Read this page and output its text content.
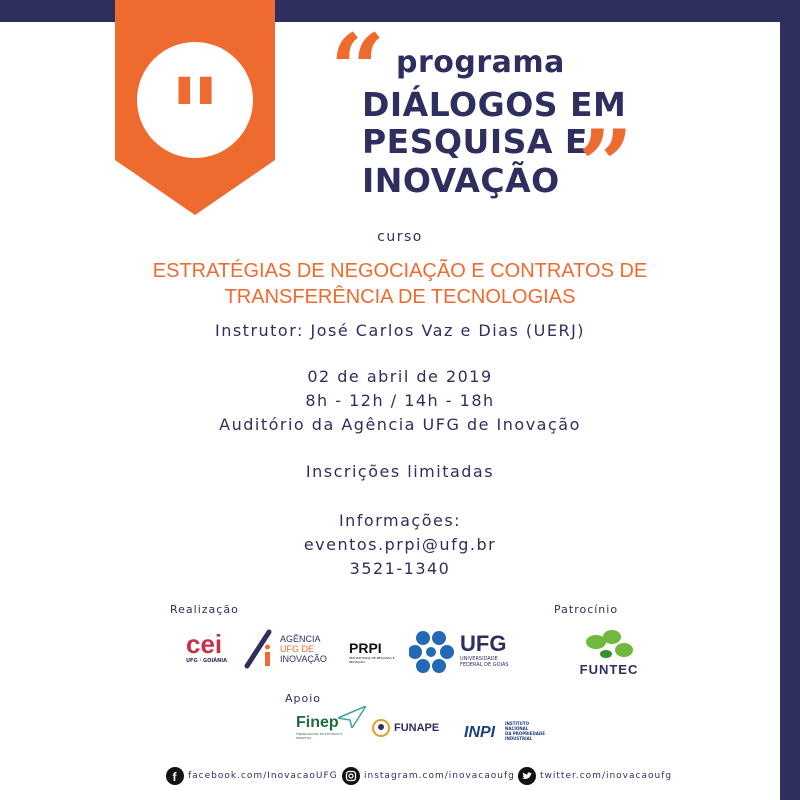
" “ programa
DIÁLOGOS EM
PESQUISA E
INOVAÇÃO ”
curso
ESTRATÉGIAS DE NEGOCIAÇÃO E CONTRATOS DE
TRANSFERÊNCIA DE TECNOLOGIAS
Instrutor: José Carlos Vaz e Dias (UERJ)
02 de abril de 2019
8h - 12h / 14h - 18h
Auditório da Agência UFG de Inovação
Inscrições limitadas
Informações:
eventos.prpi@ufg.br
3521-1340
Realização	Patrocínio
Apoio
cei
UFG · GOIÂNIA
AGÊNCIA
UFG DE
INOVAÇÃO
PRPI
PRÓ-REITORIA DE PESQUISA E INOVAÇÃO
UFG
UNIVERSIDADE
FEDERAL DE GOIÁS	FUNTEC
Finep
FINANCIADORA DE ESTUDOS E PROJETOS
FUNAPE INPI
INSTITUTO
NACIONAL
DA PROPRIEDADE
INDUSTRIAL
f facebook.com/InovacaoUFG	instagram.com/inovacaoufg	twitter.com/inovacaoufg
